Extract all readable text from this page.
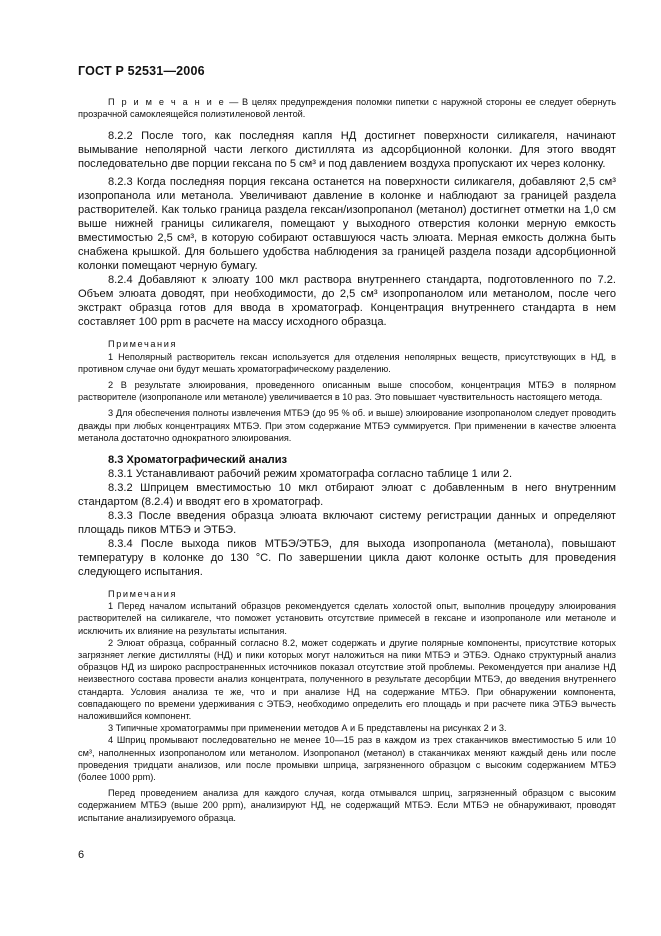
ГОСТ Р 52531—2006

П р и м е ч а н и е — В целях предупреждения поломки пипетки с наружной стороны ее следует обернуть прозрачной самоклеящейся полиэтиленовой лентой.

8.2.2 После того, как последняя капля НД достигнет поверхности силикагеля, начинают вымывание неполярной части легкого дистиллята из адсорбционной колонки. Для этого вводят последовательно две порции гексана по 5 см³ и под давлением воздуха пропускают их через колонку.

8.2.3 Когда последняя порция гексана останется на поверхности силикагеля, добавляют 2,5 см³ изопропанола или метанола. Увеличивают давление в колонке и наблюдают за границей раздела растворителей. Как только граница раздела гексан/изопропанол (метанол) достигнет отметки на 1,0 см выше нижней границы силикагеля, помещают у выходного отверстия колонки мерную емкость вместимостью 2,5 см³, в которую собирают оставшуюся часть элюата. Мерная емкость должна быть снабжена крышкой. Для большего удобства наблюдения за границей раздела позади адсорбционной колонки помещают черную бумагу.

8.2.4 Добавляют к элюату 100 мкл раствора внутреннего стандарта, подготовленного по 7.2. Объем элюата доводят, при необходимости, до 2,5 см³ изопропанолом или метанолом, после чего экстракт образца готов для ввода в хроматограф. Концентрация внутреннего стандарта в нем составляет 100 ppm в расчете на массу исходного образца.

Примечания

1 Неполярный растворитель гексан используется для отделения неполярных веществ, присутствующих в НД, в противном случае они будут мешать хроматографическому разделению.

2 В результате элюирования, проведенного описанным выше способом, концентрация МТБЭ в полярном растворителе (изопропаноле или метаноле) увеличивается в 10 раз. Это повышает чувствительность настоящего метода.

3 Для обеспечения полноты извлечения МТБЭ (до 95 % об. и выше) элюирование изопропанолом следует проводить дважды при любых концентрациях МТБЭ. При этом содержание МТБЭ суммируется. При применении в качестве элюента метанола достаточно однократного элюирования.

8.3 Хроматографический анализ

8.3.1 Устанавливают рабочий режим хроматографа согласно таблице 1 или 2.

8.3.2 Шприцем вместимостью 10 мкл отбирают элюат с добавленным в него внутренним стандартом (8.2.4) и вводят его в хроматограф.

8.3.3 После введения образца элюата включают систему регистрации данных и определяют площадь пиков МТБЭ и ЭТБЭ.

8.3.4 После выхода пиков МТБЭ/ЭТБЭ, для выхода изопропанола (метанола), повышают температуру в колонке до 130 °С. По завершении цикла дают колонке остыть для проведения следующего испытания.

Примечания

1 Перед началом испытаний образцов рекомендуется сделать холостой опыт, выполнив процедуру элюирования растворителей на силикагеле, что поможет установить отсутствие примесей в гексане и изопропаноле или метаноле и исключить их влияние на результаты испытания.

2 Элюат образца, собранный согласно 8.2, может содержать и другие полярные компоненты, присутствие которых загрязняет легкие дистилляты (НД) и пики которых могут наложиться на пики МТБЭ и ЭТБЭ. Однако структурный анализ образцов НД из широко распространенных источников показал отсутствие этой проблемы. Рекомендуется при анализе НД неизвестного состава провести анализ концентрата, полученного в результате десорбции МТБЭ, до введения внутреннего стандарта. Условия анализа те же, что и при анализе НД на содержание МТБЭ. При обнаружении компонента, совпадающего по времени удерживания с ЭТБЭ, необходимо определить его площадь и при расчете пика ЭТБЭ вычесть наложившийся компонент.

3 Типичные хроматограммы при применении методов А и Б представлены на рисунках 2 и 3.

4 Шприц промывают последовательно не менее 10—15 раз в каждом из трех стаканчиков вместимостью 5 или 10 см³, наполненных изопропанолом или метанолом. Изопропанол (метанол) в стаканчиках меняют каждый день или после проведения тридцати анализов, или после промывки шприца, загрязненного образцом с высоким содержанием МТБЭ (более 1000 ppm).

Перед проведением анализа для каждого случая, когда отмывался шприц, загрязненный образцом с высоким содержанием МТБЭ (выше 200 ppm), анализируют НД, не содержащий МТБЭ. Если МТБЭ не обнаруживают, проводят испытание анализируемого образца.

6
